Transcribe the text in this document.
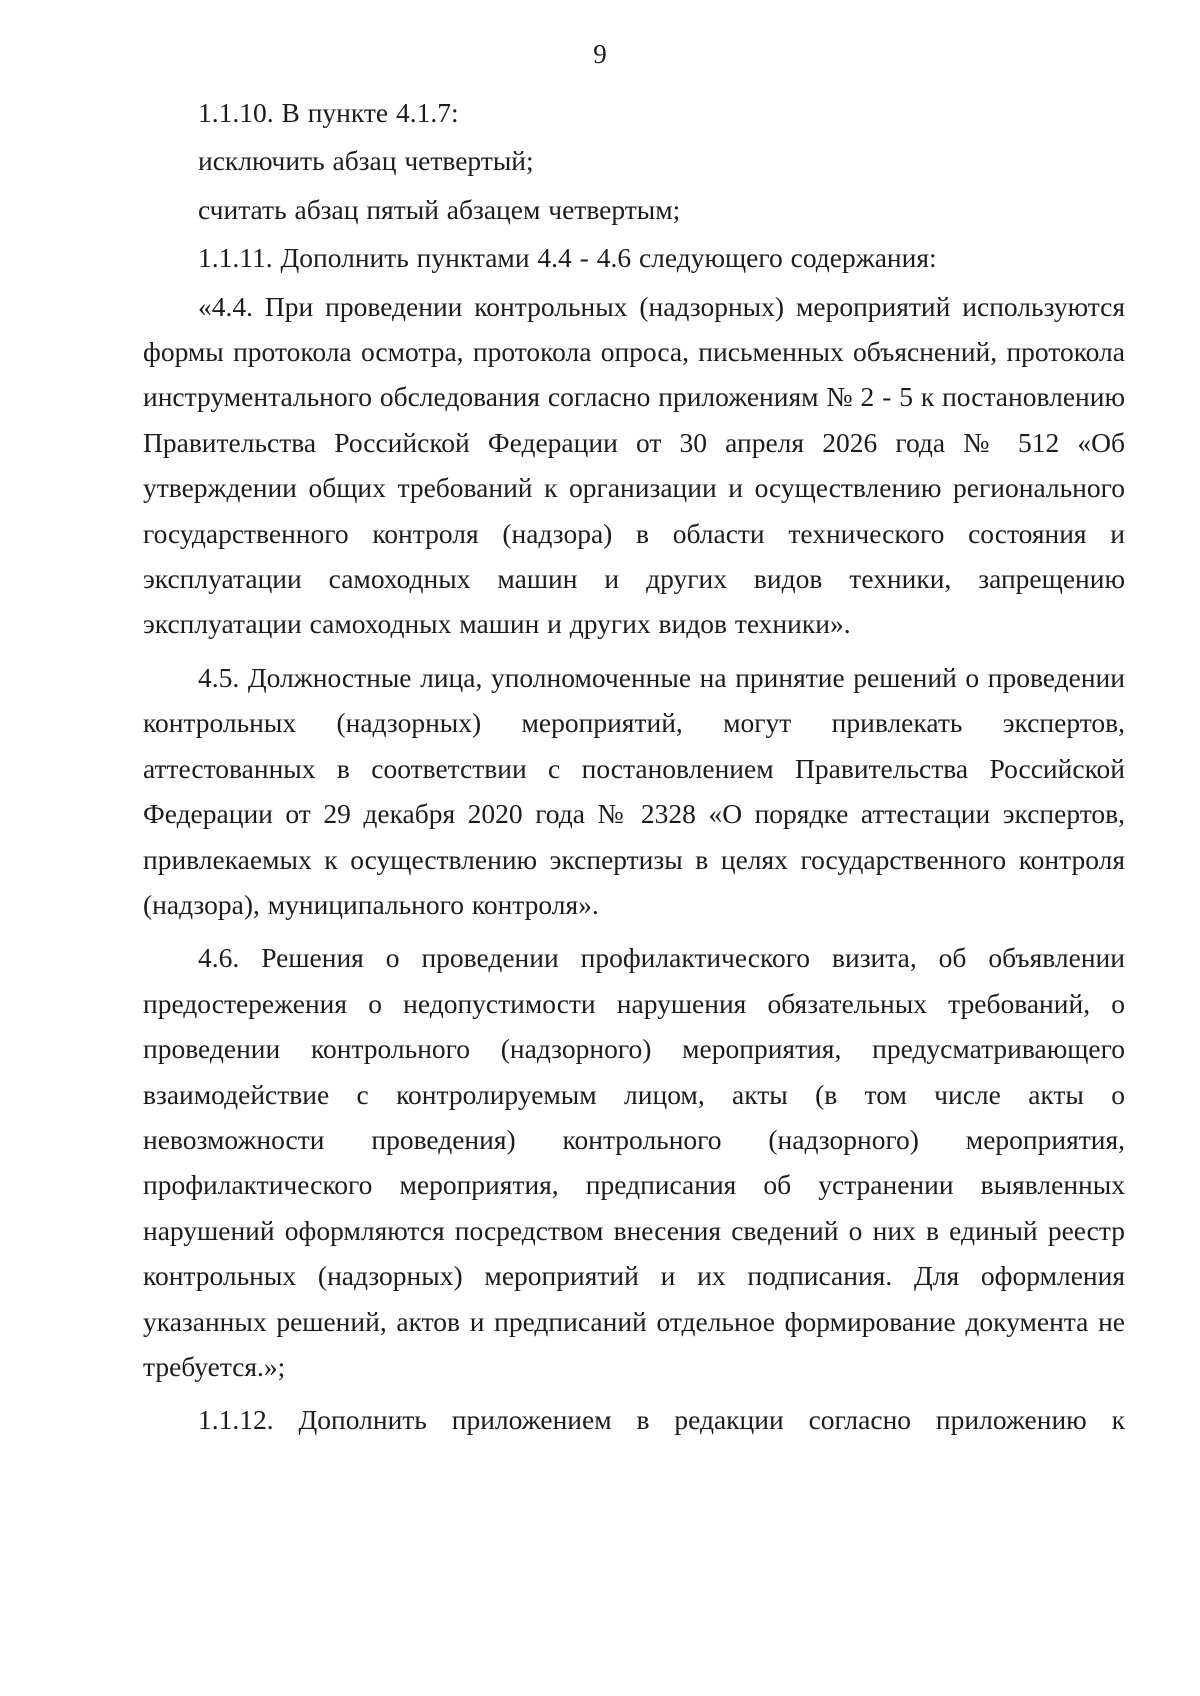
9

1.1.10. В пункте 4.1.7:

исключить абзац четвертый;

считать абзац пятый абзацем четвертым;

1.1.11. Дополнить пунктами 4.4 - 4.6 следующего содержания:

«4.4. При проведении контрольных (надзорных) мероприятий используются формы протокола осмотра, протокола опроса, письменных объяснений, протокола инструментального обследования согласно приложениям № 2 - 5 к постановлению Правительства Российской Федерации от 30 апреля 2026 года № 512 «Об утверждении общих требований к организации и осуществлению регионального государственного контроля (надзора) в области технического состояния и эксплуатации самоходных машин и других видов техники, запрещению эксплуатации самоходных машин и других видов техники».

4.5. Должностные лица, уполномоченные на принятие решений о проведении контрольных (надзорных) мероприятий, могут привлекать экспертов, аттестованных в соответствии с постановлением Правительства Российской Федерации от 29 декабря 2020 года № 2328 «О порядке аттестации экспертов, привлекаемых к осуществлению экспертизы в целях государственного контроля (надзора), муниципального контроля».

4.6. Решения о проведении профилактического визита, об объявлении предостережения о недопустимости нарушения обязательных требований, о проведении контрольного (надзорного) мероприятия, предусматривающего взаимодействие с контролируемым лицом, акты (в том числе акты о невозможности проведения) контрольного (надзорного) мероприятия, профилактического мероприятия, предписания об устранении выявленных нарушений оформляются посредством внесения сведений о них в единый реестр контрольных (надзорных) мероприятий и их подписания. Для оформления указанных решений, актов и предписаний отдельное формирование документа не требуется.»;

1.1.12. Дополнить приложением в редакции согласно приложению к
